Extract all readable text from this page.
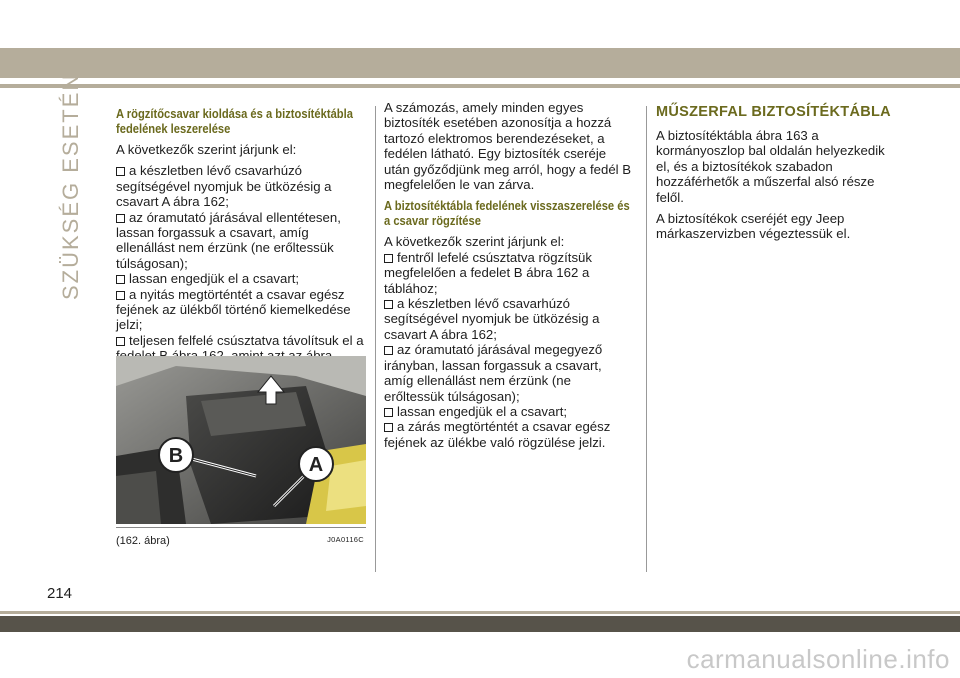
SZÜKSÉG ESETÉN	A rögzítőcsavar kioldása és a biztosítéktábla fedelének leszerelése

A következők szerint járjunk el:

a készletben lévő csavarhúzó segítségével nyomjuk be ütközésig a csavart A ábra 162;
az óramutató járásával ellentétesen, lassan forgassuk a csavart, amíg ellenállást nem érzünk (ne erőltessük túlságosan);
lassan engedjük el a csavart;
a nyitás megtörténtét a csavar egész fejének az ülékből történő kiemelkedése jelzi;
teljesen felfelé csúsztatva távolítsuk el a
B	A
(162. ábra)	J0A0116C

A számozás, amely minden egyes biztosíték esetében azonosítja a hozzá tartozó elektromos berendezéseket, a fedélen látható. Egy biztosíték cseréje után győződjünk meg arról, hogy a fedél B megfelelően le van zárva.

A biztosítéktábla fedelének visszaszerelése és a csavar rögzítése

A következők szerint járjunk el:

fentről lefelé csúsztatva rögzítsük megfelelően a fedelet B ábra 162 a táblához;
a készletben lévő csavarhúzó segítségével nyomjuk be ütközésig a csavart A ábra 162;
az óramutató járásával megegyező irányban, lassan forgassuk a csavart, amíg ellenállást nem érzünk (ne erőltessük túlságosan);
lassan engedjük el a csavart;
a zárás megtörténtét a csavar egész fejének az ülékbe való rögzülése jelzi.
MŰSZERFAL BIZTOSÍTÉKTÁBLA

A biztosítéktábla ábra 163 a kormányoszlop bal oldalán helyezkedik el, és a biztosítékok szabadon hozzáférhetők a műszerfal alsó része felől.

A biztosítékok cseréjét egy Jeep márkaszervizben végeztessük el.

214
carmanualsonline.info
